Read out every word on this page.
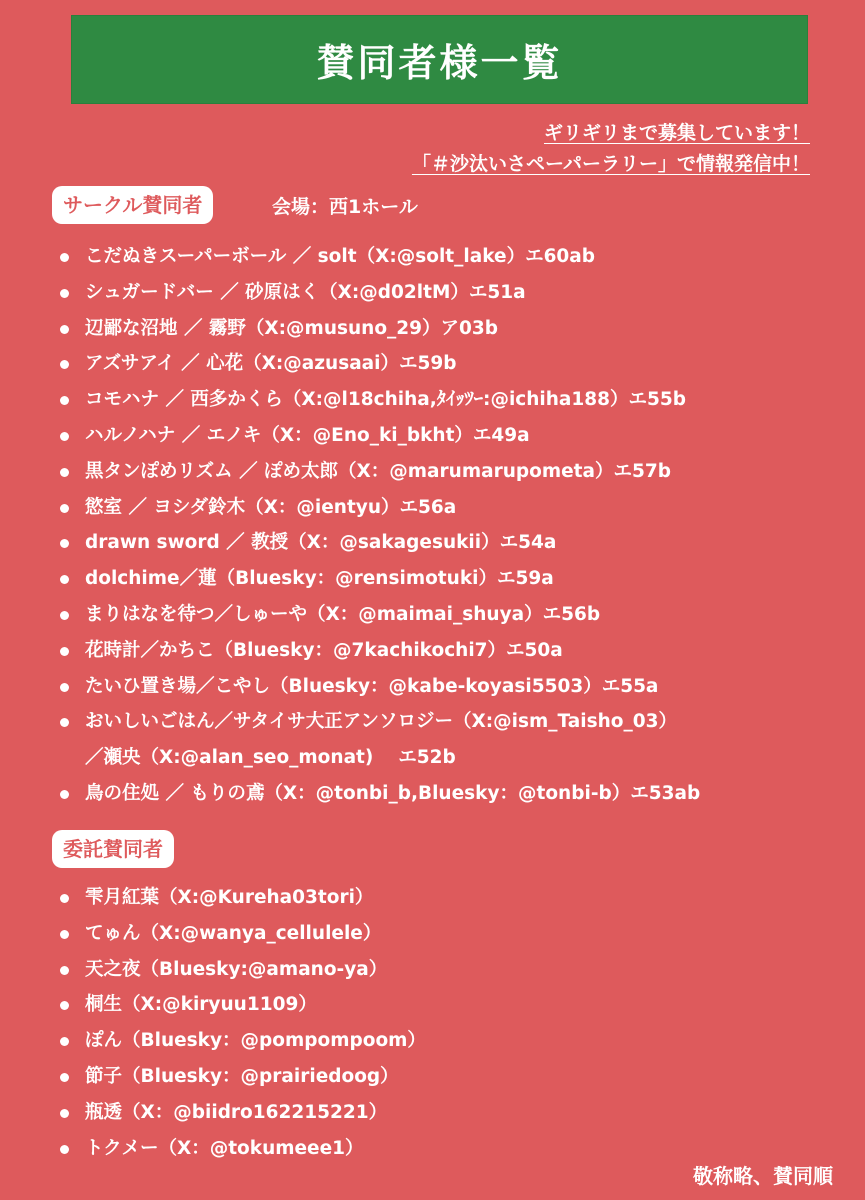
賛同者様一覧
ギリギリまで募集しています！
「＃沙汰いさペーパーラリー」で情報発信中！
サークル賛同者	会場：西1ホール
こだぬきスーパーボール ／ solt（X:@solt_lake）エ60ab
シュガードバー ／ 砂原はく（X:@d02ltM）エ51a
辺鄙な沼地 ／ 霧野（X:@musuno_29）ア03b
アズサアイ ／ 心花（X:@azusaai）エ59b
コモハナ ／ 西多かくら（X:@l18chiha,ﾀｲｯﾂｰ:@ichiha188）エ55b
ハルノハナ ／ エノキ（X：@Eno_ki_bkht）エ49a
黒タンぽめリズム ／ ぽめ太郎（X：@marumarupometa）エ57b
慾室 ／ ヨシダ鈴木（X：@ientyu）エ56a
drawn sword ／ 教授（X：@sakagesukii）エ54a
dolchime／蓮（Bluesky：@rensimotuki）エ59a
まりはなを待つ／しゅーや（X：@maimai_shuya）エ56b
花時計／かちこ（Bluesky：@7kachikochi7）エ50a
たいひ置き場／こやし（Bluesky：@kabe-koyasi5503）エ55a
おいしいごはん／サタイサ大正アンソロジー（X:@ism_Taisho_03）
／瀬央（X:@alan_seo_monat)　 エ52b
鳥の住処 ／ もりの鳶（X：@tonbi_b,Bluesky：@tonbi-b）エ53ab
委託賛同者
雫月紅葉（X:@Kureha03tori）
てゅん（X:@wanya_cellulele）
天之夜（Bluesky:@amano-ya）
桐生（X:@kiryuu1109）
ぽん（Bluesky：@pompompoom）
節子（Bluesky：@prairiedoog）
瓶透（X：@biidro162215221）
トクメー（X：@tokumeee1）
敬称略、賛同順
